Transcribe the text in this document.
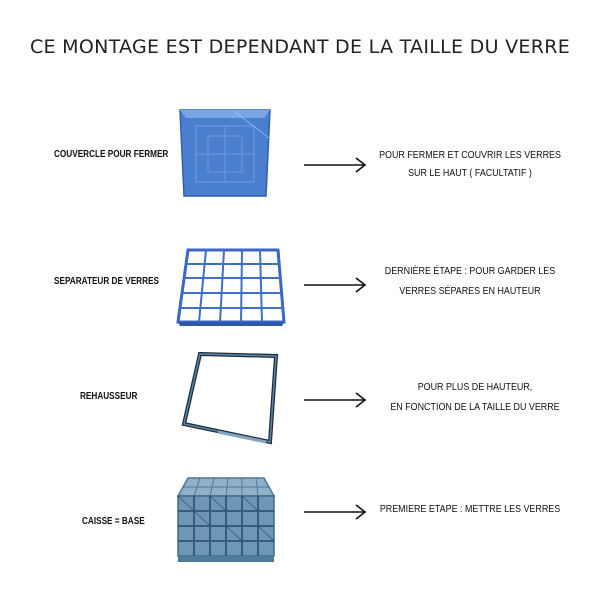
CE MONTAGE EST DEPENDANT DE LA TAILLE DU VERRE
COUVERCLE POUR FERMER	POUR FERMER ET COUVRIR LES VERRES
SUR LE HAUT ( FACULTATIF )
SEPARATEUR DE VERRES
DERNIÈRE ÉTAPE : POUR GARDER LES
VERRES SÉPARES EN HAUTEUR
REHAUSSEUR
POUR PLUS DE HAUTEUR,
EN FONCTION DE LA TAILLE DU VERRE
CAISSE = BASE
PREMIERE ETAPE : METTRE LES VERRES
